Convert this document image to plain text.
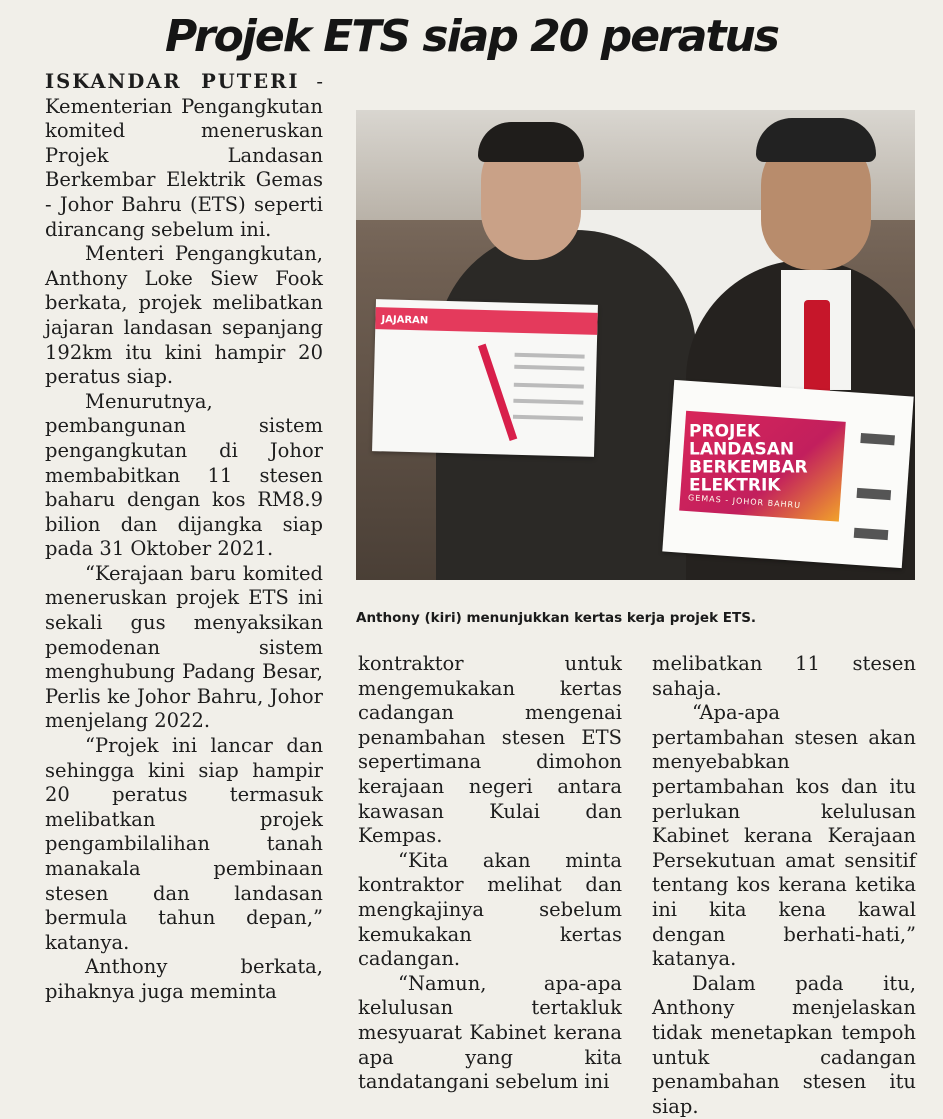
Projek ETS siap 20 peratus

ISKANDAR PUTERI - Kementerian Pengangkutan komited meneruskan Projek Landasan Berkembar Elektrik Gemas - Johor Bahru (ETS) seperti dirancang sebelum ini.

Menteri Pengangkutan, Anthony Loke Siew Fook berkata, projek melibatkan jajaran landasan sepanjang 192km itu kini hampir 20 peratus siap.

Menurutnya, pembangunan sistem pengangkutan di Johor membabitkan 11 stesen baharu dengan kos RM8.9 bilion dan dijangka siap pada 31 Oktober 2021.

“Kerajaan baru komited meneruskan projek ETS ini sekali gus menyaksikan pemodenan sistem menghubung Padang Besar, Perlis ke Johor Bahru, Johor menjelang 2022.

“Projek ini lancar dan sehingga kini siap hampir 20 peratus termasuk melibatkan projek pengambilalihan tanah manakala pembinaan stesen dan landasan bermula tahun depan,” katanya.

Anthony berkata, pihaknya juga meminta

JAJARAN
PROJEK
LANDASAN
BERKEMBAR
ELEKTRIK
GEMAS - JOHOR BAHRU
Anthony (kiri) menunjukkan kertas kerja projek ETS.

kontraktor untuk mengemukakan kertas cadangan mengenai penambahan stesen ETS sepertimana dimohon kerajaan negeri antara kawasan Kulai dan Kempas.

“Kita akan minta kontraktor melihat dan mengkajinya sebelum kemukakan kertas cadangan.

“Namun, apa-apa kelulusan tertakluk mesyuarat Kabinet kerana apa yang kita tandatangani sebelum ini

melibatkan 11 stesen sahaja.

“Apa-apa pertambahan stesen akan menyebabkan pertambahan kos dan itu perlukan kelulusan Kabinet kerana Kerajaan Persekutuan amat sensitif tentang kos kerana ketika ini kita kena kawal dengan berhati-hati,” katanya.

Dalam pada itu, Anthony menjelaskan tidak menetapkan tempoh untuk cadangan penambahan stesen itu siap.
